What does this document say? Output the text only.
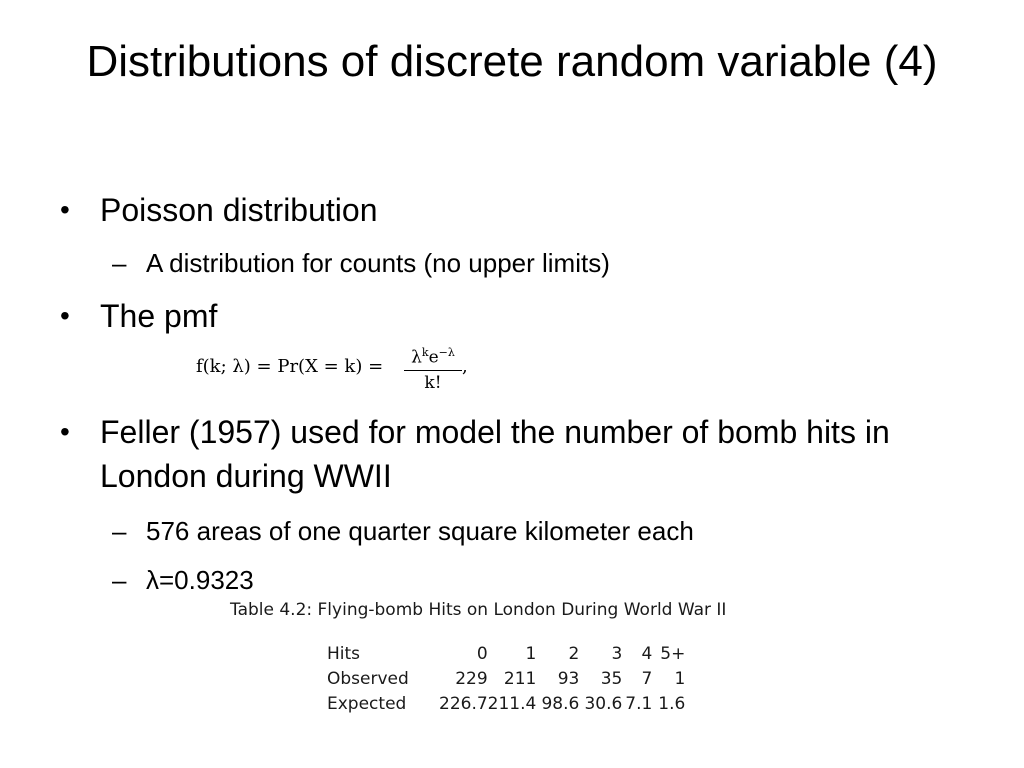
Distributions of discrete random variable (4)
• Poisson distribution
– A distribution for counts (no upper limits)
• The pmf
• Feller (1957) used for model the number of bomb hits in London during WWII
– 576 areas of one quarter square kilometer each
– λ=0.9323
f(k; λ) = Pr(X = k) =	$\lambda^ke^{-\lambda}$
k!
,

Table 4.2: Flying-bomb Hits on London During World War II

Hits	0	1	2	3	4	5+
Observed	229	211	93	35	7	1
Expected	226.7	211.4	98.6	30.6	7.1	1.6
